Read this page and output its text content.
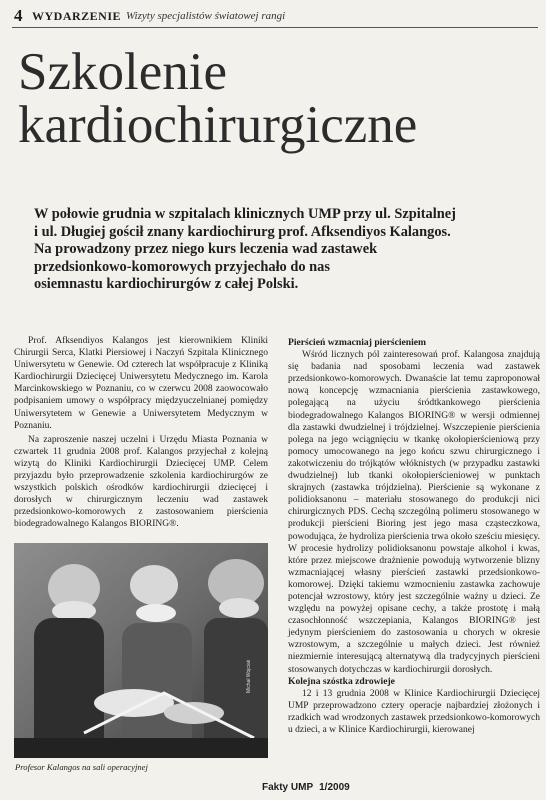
4 WYDARZENIE Wizyty specjalistów światowej rangi
Szkolenie
kardiochirurgiczne
W połowie grudnia w szpitalach klinicznych UMP przy ul. Szpitalnej
i ul. Długiej gościł znany kardiochirurg prof. Afksendiyos Kalangos.
Na prowadzony przez niego kurs leczenia wad zastawek
przedsionkowo-komorowych przyjechało do nas
osiemnastu kardiochirurgów z całej Polski.

Prof. Afksendiyos Kalangos jest kierownikiem Kliniki Chirurgii Serca, Klatki Piersiowej i Naczyń Szpitala Klinicznego Uniwersytetu w Genewie. Od czterech lat współpracuje z Kliniką Kardiochirurgii Dziecięcej Uniwersytetu Medycznego im. Karola Marcinkowskiego w Poznaniu, co w czerwcu 2008 zaowocowało podpisaniem umowy o współpracy międzyuczelnianej pomiędzy Uniwersytetem w Genewie a Uniwersytetem Medycznym w Poznaniu.

Na zaproszenie naszej uczelni i Urzędu Miasta Poznania w czwartek 11 grudnia 2008 prof. Kalangos przyjechał z kolejną wizytą do Kliniki Kardiochirurgii Dziecięcej UMP. Celem przyjazdu było przeprowadzenie szkolenia kardiochirurgów ze wszystkich polskich ośrodków kardiochirurgii dziecięcej i dorosłych w chirurgicznym leczeniu wad zastawek przedsionkowo-komorowych z zastosowaniem pierścienia biodegradowalnego Kalangos BIORING®.

Michał Wojciak
Profesor Kalangos na sali operacyjnej

Pierścień wzmacniaj pierścieniem

Wśród licznych pól zainteresowań prof. Kalangosa znajdują się badania nad sposobami leczenia wad zastawek przedsionkowo-komorowych. Dwanaście lat temu zaproponował nową koncepcję wzmacniania pierścienia zastawkowego, polegającą na użyciu śródtkankowego pierścienia biodegradowalnego Kalangos BIORING® w wersji odmiennej dla zastawki dwudzielnej i trójdzielnej. Wszczepienie pierścienia polega na jego wciągnięciu w tkankę okołopierścieniową przy pomocy umocowanego na jego końcu szwu chirurgicznego i zakotwiczeniu do trójkątów włóknistych (w przypadku zastawki dwudzielnej) lub tkanki okołopierścieniowej w punktach skrajnych (zastawka trójdzielna). Pierścienie są wykonane z polidioksanonu – materiału stosowanego do produkcji nici chirurgicznych PDS. Cechą szczególną polimeru stosowanego w produkcji pierścieni Bioring jest jego masa cząsteczkowa, powodująca, że hydroliza pierścienia trwa około sześciu miesięcy. W procesie hydrolizy polidioksanonu powstaje alkohol i kwas, które przez miejscowe drażnienie powodują wytworzenie blizny wzmacniającej własny pierścień zastawki przedsionkowo-komorowej. Dzięki takiemu wzmocnieniu zastawka zachowuje potencjał wzrostowy, który jest szczególnie ważny u dzieci. Ze względu na powyżej opisane cechy, a także prostotę i małą czasochłonność wszczepiania, Kalangos BIORING® jest jedynym pierścieniem do zastosowania u chorych w okresie wzrostowym, a szczególnie u małych dzieci. Jest również niezmiernie interesującą alternatywą dla tradycyjnych pierścieni stosowanych dotychczas w kardiochirurgii dorosłych.

Kolejna szóstka zdrowieje

12 i 13 grudnia 2008 w Klinice Kardiochirurgii Dziecięcej UMP przeprowadzono cztery operacje najbardziej złożonych i rzadkich wad wrodzonych zastawek przedsionkowo-komorowych u dzieci, a w Klinice Kardiochirurgii, kierowanej

Fakty UMP 1/2009
